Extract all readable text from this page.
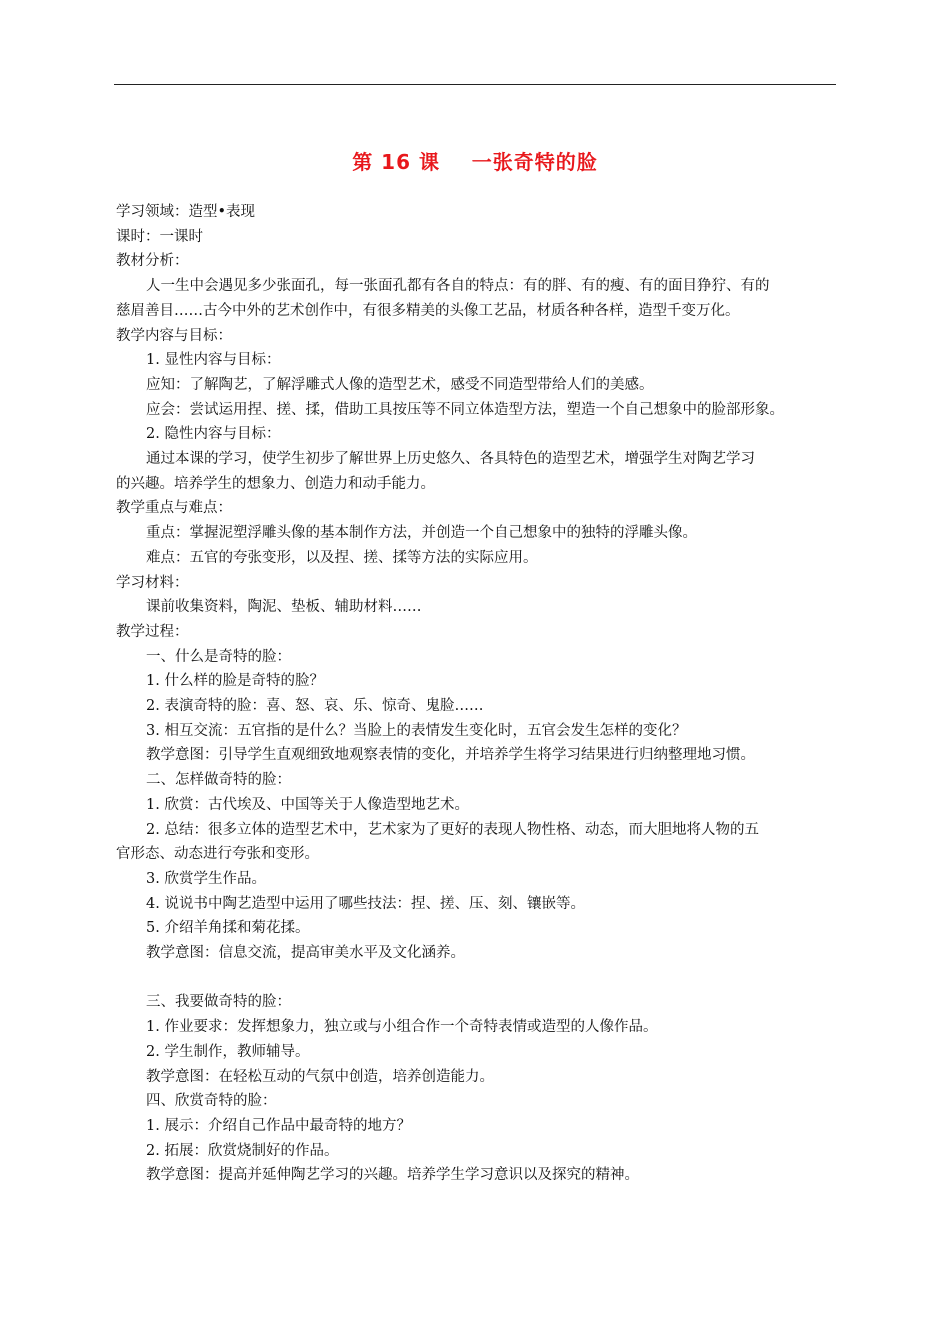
第 16 课    一张奇特的脸

学习领域：造型•表现

课时：一课时

教材分析：

人一生中会遇见多少张面孔，每一张面孔都有各自的特点：有的胖、有的瘦、有的面目狰狞、有的

慈眉善目……古今中外的艺术创作中，有很多精美的头像工艺品，材质各种各样，造型千变万化。

教学内容与目标：

1. 显性内容与目标：

应知：了解陶艺，了解浮雕式人像的造型艺术，感受不同造型带给人们的美感。

应会：尝试运用捏、搓、揉，借助工具按压等不同立体造型方法，塑造一个自己想象中的脸部形象。

2. 隐性内容与目标：

通过本课的学习，使学生初步了解世界上历史悠久、各具特色的造型艺术，增强学生对陶艺学习

的兴趣。培养学生的想象力、创造力和动手能力。

教学重点与难点：

重点：掌握泥塑浮雕头像的基本制作方法，并创造一个自己想象中的独特的浮雕头像。

难点：五官的夸张变形，以及捏、搓、揉等方法的实际应用。

学习材料：

课前收集资料，陶泥、垫板、辅助材料……

教学过程：

一、什么是奇特的脸：

1. 什么样的脸是奇特的脸？

2. 表演奇特的脸：喜、怒、哀、乐、惊奇、鬼脸……

3. 相互交流：五官指的是什么？当脸上的表情发生变化时，五官会发生怎样的变化？

教学意图：引导学生直观细致地观察表情的变化，并培养学生将学习结果进行归纳整理地习惯。

二、怎样做奇特的脸：

1. 欣赏：古代埃及、中国等关于人像造型地艺术。

2. 总结：很多立体的造型艺术中，艺术家为了更好的表现人物性格、动态，而大胆地将人物的五

官形态、动态进行夸张和变形。

3. 欣赏学生作品。

4. 说说书中陶艺造型中运用了哪些技法：捏、搓、压、刻、镶嵌等。

5. 介绍羊角揉和菊花揉。

教学意图：信息交流，提高审美水平及文化涵养。

三、我要做奇特的脸：

1. 作业要求：发挥想象力，独立或与小组合作一个奇特表情或造型的人像作品。

2. 学生制作，教师辅导。

教学意图：在轻松互动的气氛中创造，培养创造能力。

四、欣赏奇特的脸：

1. 展示：介绍自己作品中最奇特的地方？

2. 拓展：欣赏烧制好的作品。

教学意图：提高并延伸陶艺学习的兴趣。培养学生学习意识以及探究的精神。
